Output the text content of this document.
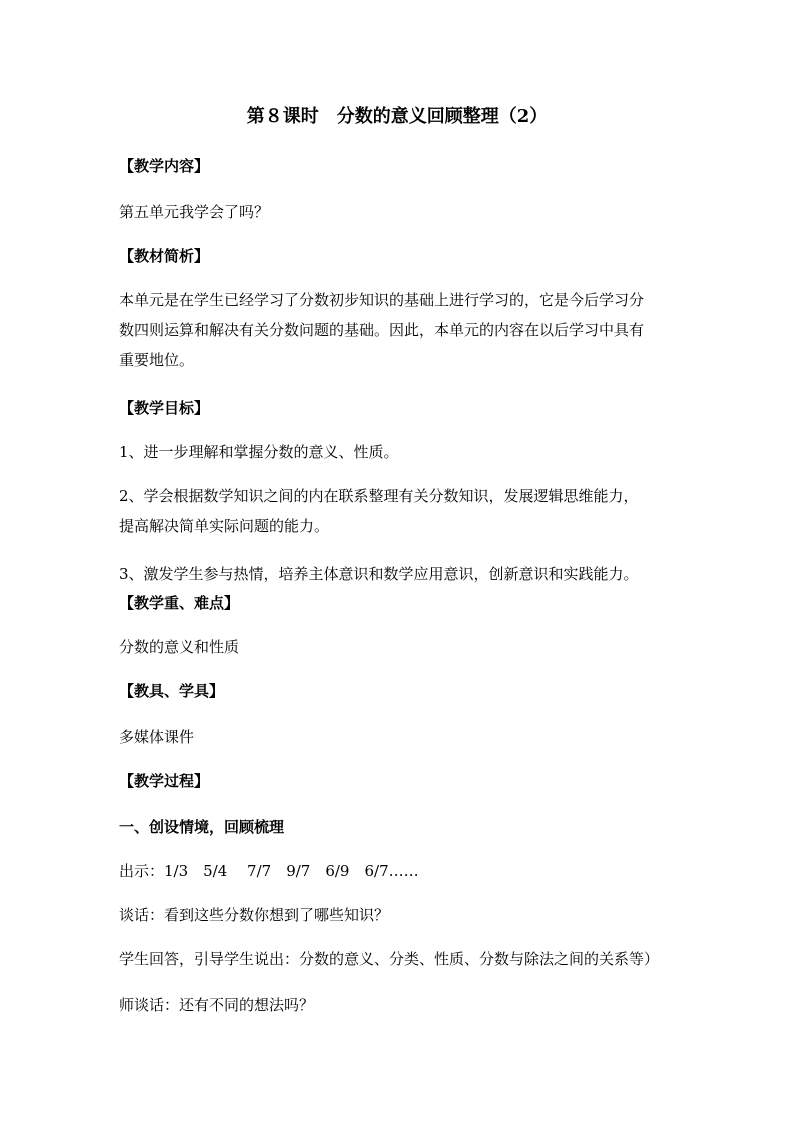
第８课时　分数的意义回顾整理（2）
【教学内容】
第五单元我学会了吗？
【教材简析】
本单元是在学生已经学习了分数初步知识的基础上进行学习的，它是今后学习分
数四则运算和解决有关分数问题的基础。因此，本单元的内容在以后学习中具有
重要地位。
【教学目标】
1、进一步理解和掌握分数的意义、性质。
2、学会根据数学知识之间的内在联系整理有关分数知识，发展逻辑思维能力，
提高解决简单实际问题的能力。
3、激发学生参与热情，培养主体意识和数学应用意识，创新意识和实践能力。
【教学重、难点】
分数的意义和性质
【教具、学具】
多媒体课件
【教学过程】
一、创设情境，回顾梳理
出示：1/3　5/4　 7/7　9/7　6/9　6/7……
谈话：看到这些分数你想到了哪些知识？
学生回答，引导学生说出：分数的意义、分类、性质、分数与除法之间的关系等）
师谈话：还有不同的想法吗？
